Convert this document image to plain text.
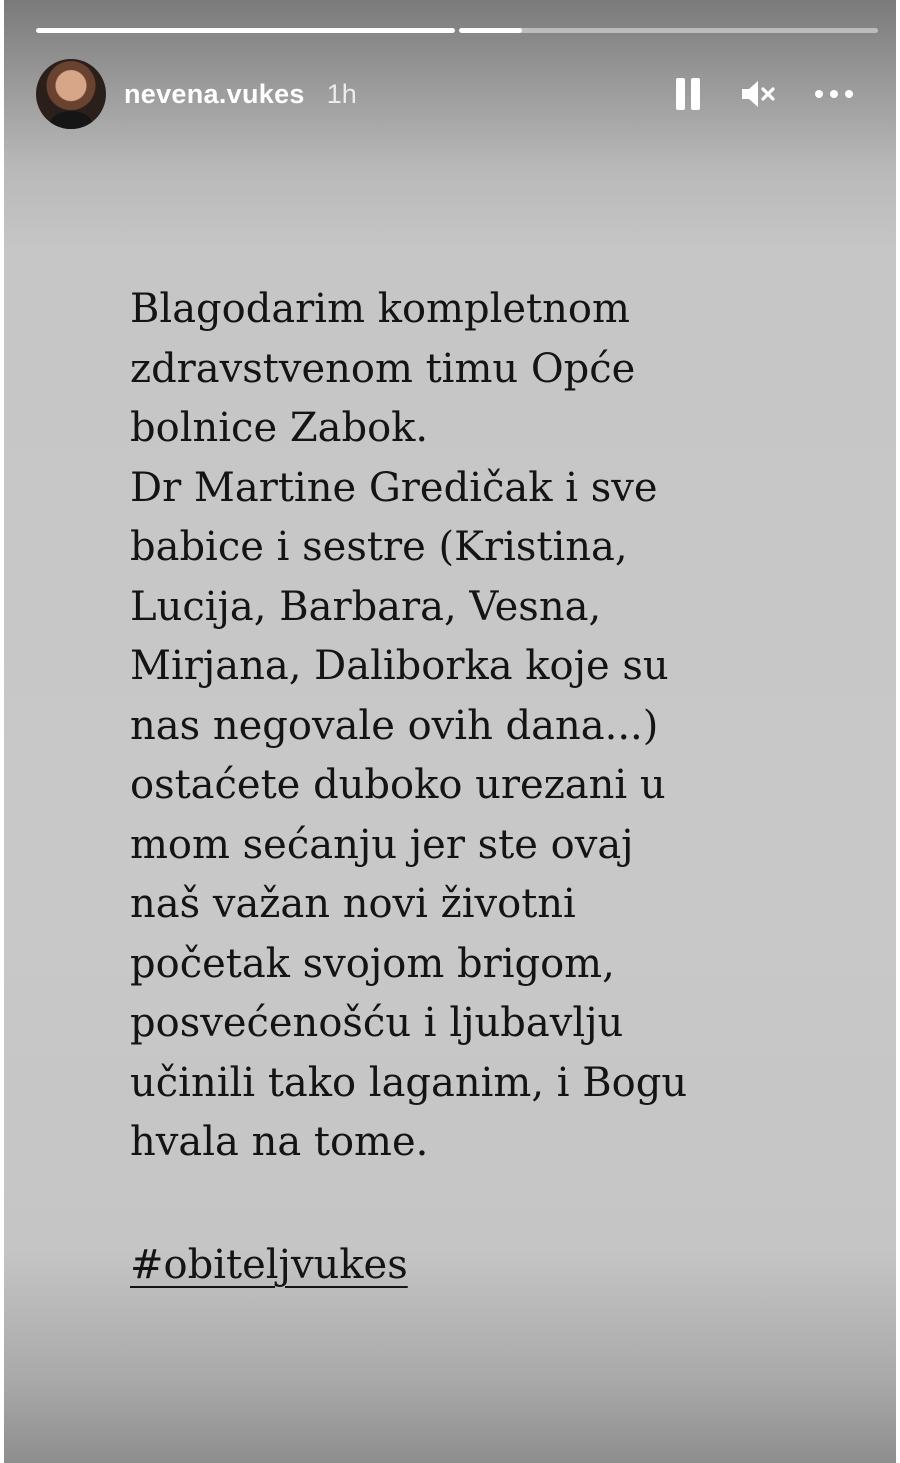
nevena.vukes 1h
Blagodarim kompletnom
zdravstvenom timu Opće
bolnice Zabok.
Dr Martine Gredičak i sve
babice i sestre (Kristina,
Lucija, Barbara, Vesna,
Mirjana, Daliborka koje su
nas negovale ovih dana...)
ostaćete duboko urezani u
mom sećanju jer ste ovaj
naš važan novi životni
početak svojom brigom,
posvećenošću i ljubavlju
učinili tako laganim, i Bogu
hvala na tome.
#obiteljvukes
